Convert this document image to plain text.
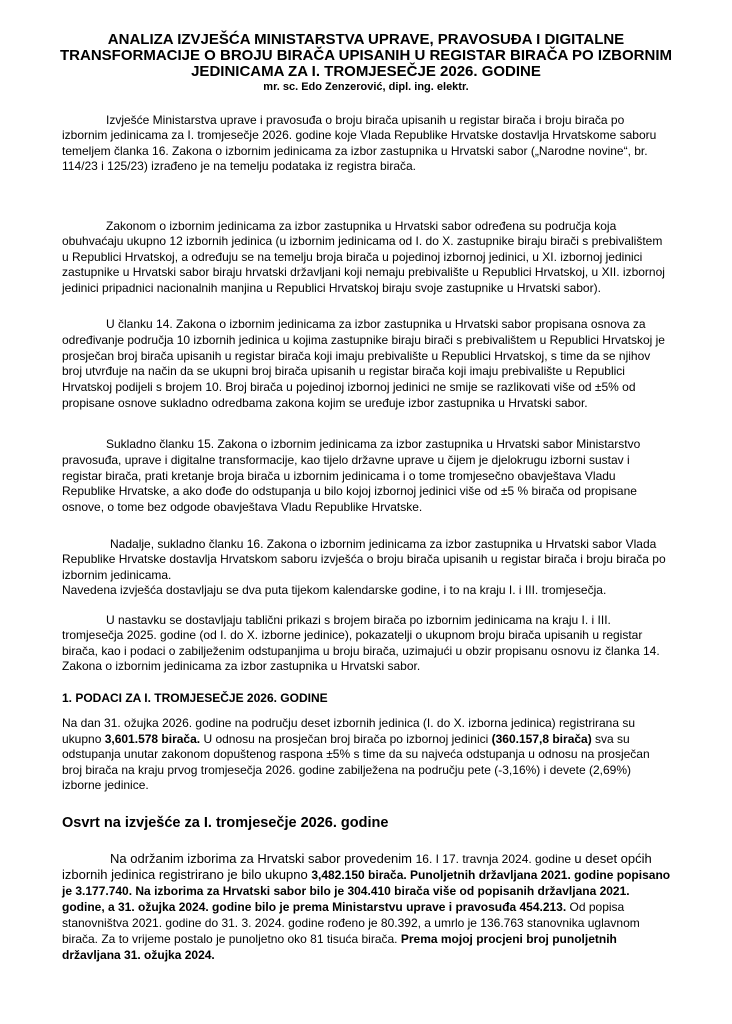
ANALIZA IZVJEŠĆA MINISTARSTVA UPRAVE, PRAVOSUĐA I DIGITALNE TRANSFORMACIJE O BROJU BIRAČA UPISANIH U REGISTAR BIRAČA PO IZBORNIM JEDINICAMA ZA I. TROMJESEČJE 2026. GODINE
mr. sc. Edo Zenzerović, dipl. ing. elektr.
Izvješće Ministarstva uprave i pravosuđa o broju birača upisanih u registar birača i broju birača po izbornim jedinicama za I. tromjesečje 2026. godine koje Vlada Republike Hrvatske dostavlja Hrvatskome saboru temeljem članka 16. Zakona o izbornim jedinicama za izbor zastupnika u Hrvatski sabor („Narodne novine“, br. 114/23 i 125/23) izrađeno je na temelju podataka iz registra birača.
Zakonom o izbornim jedinicama za izbor zastupnika u Hrvatski sabor određena su područja koja obuhvaćaju ukupno 12 izbornih jedinica (u izbornim jedinicama od I. do X. zastupnike biraju birači s prebivalištem u Republici Hrvatskoj, a određuju se na temelju broja birača u pojedinoj izbornoj jedinici, u XI. izbornoj jedinici zastupnike u Hrvatski sabor biraju hrvatski državljani koji nemaju prebivalište u Republici Hrvatskoj, u XII. izbornoj jedinici pripadnici nacionalnih manjina u Republici Hrvatskoj biraju svoje zastupnike u Hrvatski sabor).
U članku 14. Zakona o izbornim jedinicama za izbor zastupnika u Hrvatski sabor propisana osnova za određivanje područja 10 izbornih jedinica u kojima zastupnike biraju birači s prebivalištem u Republici Hrvatskoj je prosječan broj birača upisanih u registar birača koji imaju prebivalište u Republici Hrvatskoj, s time da se njihov broj utvrđuje na način da se ukupni broj birača upisanih u registar birača koji imaju prebivalište u Republici Hrvatskoj podijeli s brojem 10. Broj birača u pojedinoj izbornoj jedinici ne smije se razlikovati više od ±5% od propisane osnove sukladno odredbama zakona kojim se uređuje izbor zastupnika u Hrvatski sabor.
Sukladno članku 15. Zakona o izbornim jedinicama za izbor zastupnika u Hrvatski sabor Ministarstvo pravosuđa, uprave i digitalne transformacije, kao tijelo državne uprave u čijem je djelokrugu izborni sustav i registar birača, prati kretanje broja birača u izbornim jedinicama i o tome tromjesečno obavještava Vladu Republike Hrvatske, a ako dođe do odstupanja u bilo kojoj izbornoj jedinici više od ±5 % birača od propisane osnove, o tome bez odgode obavještava Vladu Republike Hrvatske.
Nadalje, sukladno članku 16. Zakona o izbornim jedinicama za izbor zastupnika u Hrvatski sabor Vlada Republike Hrvatske dostavlja Hrvatskom saboru izvješća o broju birača upisanih u registar birača i broju birača po izbornim jedinicama.
Navedena izvješća dostavljaju se dva puta tijekom kalendarske godine, i to na kraju I. i III. tromjesečja.
U nastavku se dostavljaju tablični prikazi s brojem birača po izbornim jedinicama na kraju I. i III. tromjesečja 2025. godine (od I. do X. izborne jedinice), pokazatelji o ukupnom broju birača upisanih u registar birača, kao i podaci o zabilježenim odstupanjima u broju birača, uzimajući u obzir propisanu osnovu iz članka 14. Zakona o izbornim jedinicama za izbor zastupnika u Hrvatski sabor.
1. PODACI ZA I. TROMJESEČJE 2026. GODINE
Na dan 31. ožujka 2026. godine na području deset izbornih jedinica (I. do X. izborna jedinica) registrirana su ukupno 3,601.578 birača. U odnosu na prosječan broj birača po izbornoj jedinici (360.157,8 birača) sva su odstupanja unutar zakonom dopuštenog raspona ±5% s time da su najveća odstupanja u odnosu na prosječan broj birača na kraju prvog tromjesečja 2026. godine zabilježena na području pete (-3,16%) i devete (2,69%) izborne jedinice.
Osvrt na izvješće za I. tromjesečje 2026. godine
Na održanim izborima za Hrvatski sabor provedenim 16. I 17. travnja 2024. godine u deset općih izbornih jedinica registrirano je bilo ukupno 3,482.150 birača. Punoljetnih državljana 2021. godine popisano je 3.177.740. Na izborima za Hrvatski sabor bilo je 304.410 birača više od popisanih državljana 2021. godine, a 31. ožujka 2024. godine bilo je prema Ministarstvu uprave i pravosuđa 454.213. Od popisa stanovništva 2021. godine do 31. 3. 2024. godine rođeno je 80.392, a umrlo je 136.763 stanovnika uglavnom birača. Za to vrijeme postalo je punoljetno oko 81 tisuća birača. Prema mojoj procjeni broj punoljetnih državljana 31. ožujka 2024.
